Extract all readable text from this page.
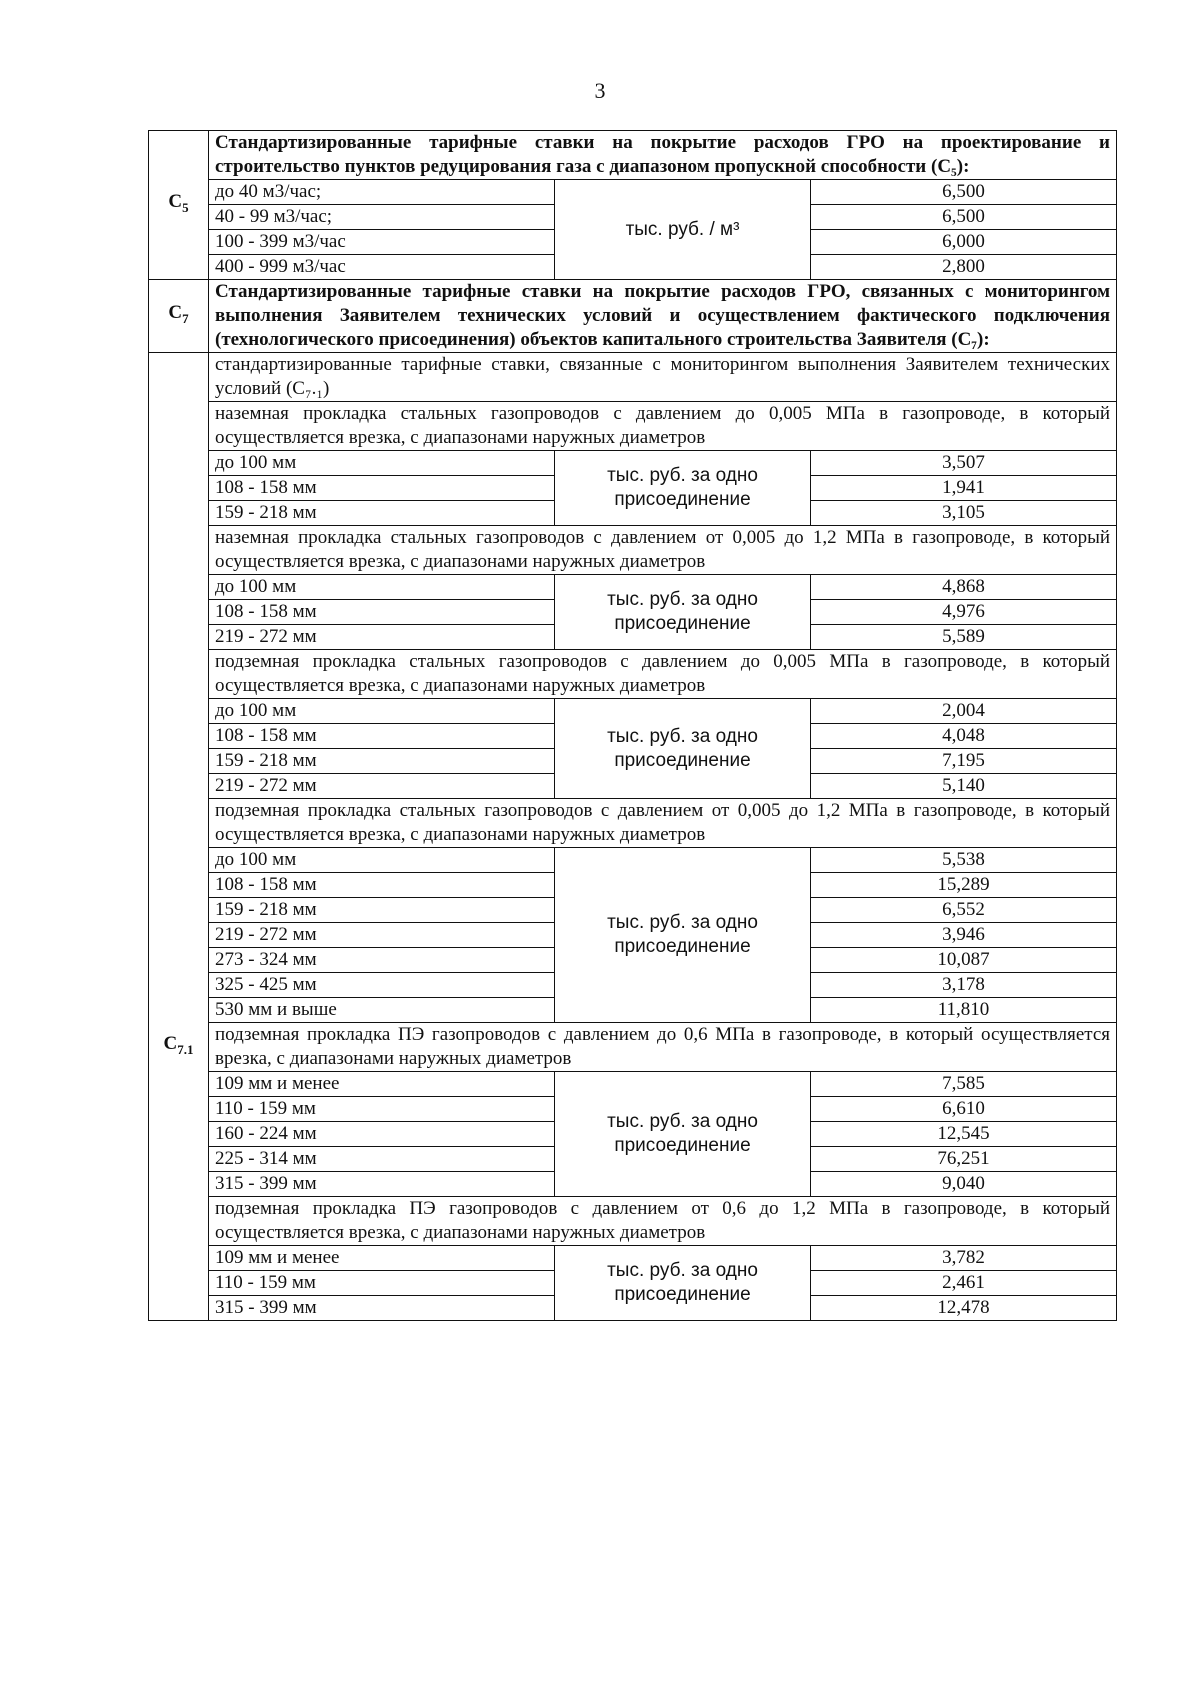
3
$C_5$	Стандартизированные тарифные ставки на покрытие расходов ГРО на проектирование и строительство пунктов редуцирования газа с диапазоном пропускной способности (С₅):		
	до 40 м3/час;	тыс. руб. / м³	6,500
	40 - 99 м3/час;		6,500
	100 - 399 м3/час		6,000
	400 - 999 м3/час		2,800
$C_7$	Стандартизированные тарифные ставки на покрытие расходов ГРО, связанных с мониторингом выполнения Заявителем технических условий и осуществлением фактического подключения (технологического присоединения) объектов капитального строительства Заявителя (С₇):		
$C_{7.1}$	стандартизированные тарифные ставки, связанные с мониторингом выполнения Заявителем технических условий (С₇.₁)		
	наземная прокладка стальных газопроводов с давлением до 0,005 МПа в газопроводе, в который осуществляется врезка, с диапазонами наружных диаметров		
	до 100 мм	тыс. руб. за одно присоединение	3,507
	108 - 158 мм		1,941
	159 - 218 мм		3,105
	наземная прокладка стальных газопроводов с давлением от 0,005 до 1,2 МПа в газопроводе, в который осуществляется врезка, с диапазонами наружных диаметров		
	до 100 мм	тыс. руб. за одно присоединение	4,868
	108 - 158 мм		4,976
	219 - 272 мм		5,589
	подземная прокладка стальных газопроводов с давлением до 0,005 МПа в газопроводе, в который осуществляется врезка, с диапазонами наружных диаметров		
	до 100 мм	тыс. руб. за одно присоединение	2,004
	108 - 158 мм		4,048
	159 - 218 мм		7,195
	219 - 272 мм		5,140
	подземная прокладка стальных газопроводов с давлением от 0,005 до 1,2 МПа в газопроводе, в который осуществляется врезка, с диапазонами наружных диаметров		
	до 100 мм	тыс. руб. за одно присоединение	5,538
	108 - 158 мм		15,289
	159 - 218 мм		6,552
	219 - 272 мм		3,946
	273 - 324 мм		10,087
	325 - 425 мм		3,178
	530 мм и выше		11,810
	подземная прокладка ПЭ газопроводов с давлением до 0,6 МПа в газопроводе, в который осуществляется врезка, с диапазонами наружных диаметров		
	109 мм и менее	тыс. руб. за одно присоединение	7,585
	110 - 159 мм		6,610
	160 - 224 мм		12,545
	225 - 314 мм		76,251
	315 - 399 мм		9,040
	подземная прокладка ПЭ газопроводов с давлением от 0,6 до 1,2 МПа в газопроводе, в который осуществляется врезка, с диапазонами наружных диаметров		
	109 мм и менее	тыс. руб. за одно присоединение	3,782
	110 - 159 мм		2,461
	315 - 399 мм		12,478
